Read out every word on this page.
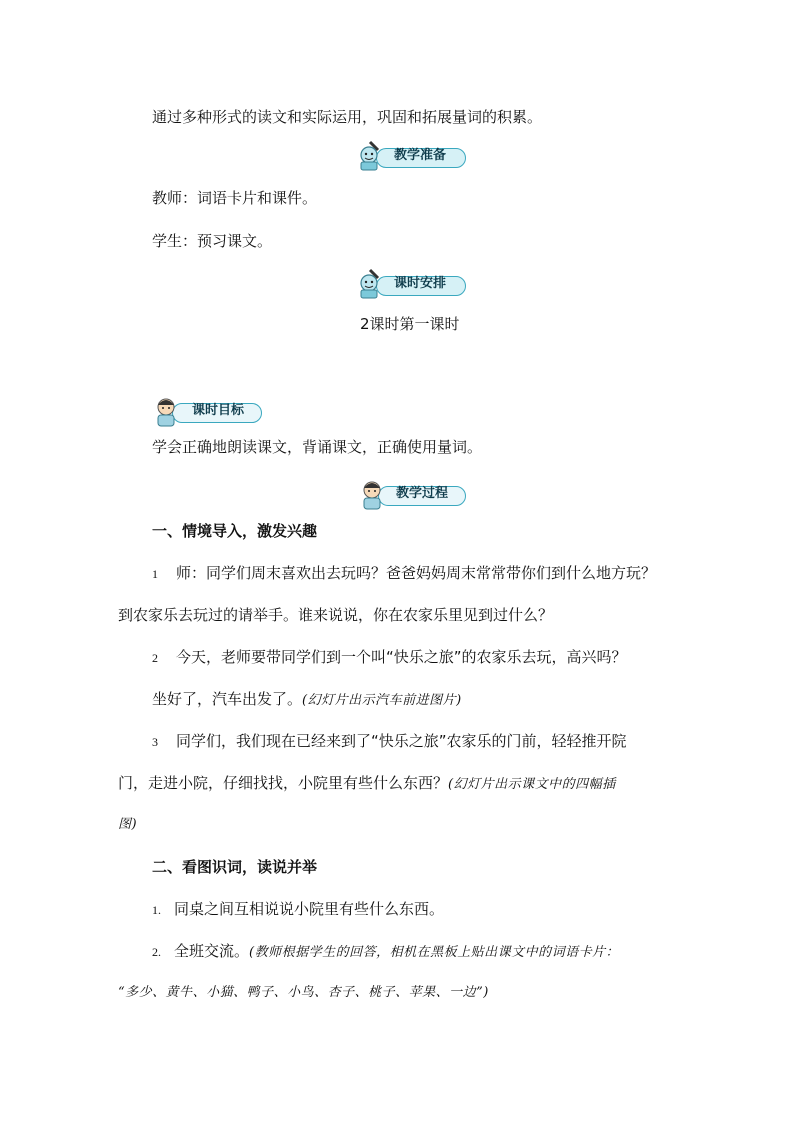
通过多种形式的读文和实际运用，巩固和拓展量词的积累。
教学准备
教师：词语卡片和课件。
学生：预习课文。
课时安排
2课时第一课时
课时目标
学会正确地朗读课文，背诵课文，正确使用量词。
教学过程
一、情境导入，激发兴趣
1 师：同学们周末喜欢出去玩吗？爸爸妈妈周末常常带你们到什么地方玩？
到农家乐去玩过的请举手。谁来说说，你在农家乐里见到过什么？
2 今天，老师要带同学们到一个叫“快乐之旅”的农家乐去玩，高兴吗？
坐好了，汽车出发了。(幻灯片出示汽车前进图片)
3 同学们，我们现在已经来到了“快乐之旅”农家乐的门前，轻轻推开院
门，走进小院，仔细找找，小院里有些什么东西？(幻灯片出示课文中的四幅插
图)
二、看图识词，读说并举
1. 同桌之间互相说说小院里有些什么东西。
2. 全班交流。(教师根据学生的回答，相机在黑板上贴出课文中的词语卡片：
“多少、黄牛、小猫、鸭子、小鸟、杏子、桃子、苹果、一边”)
